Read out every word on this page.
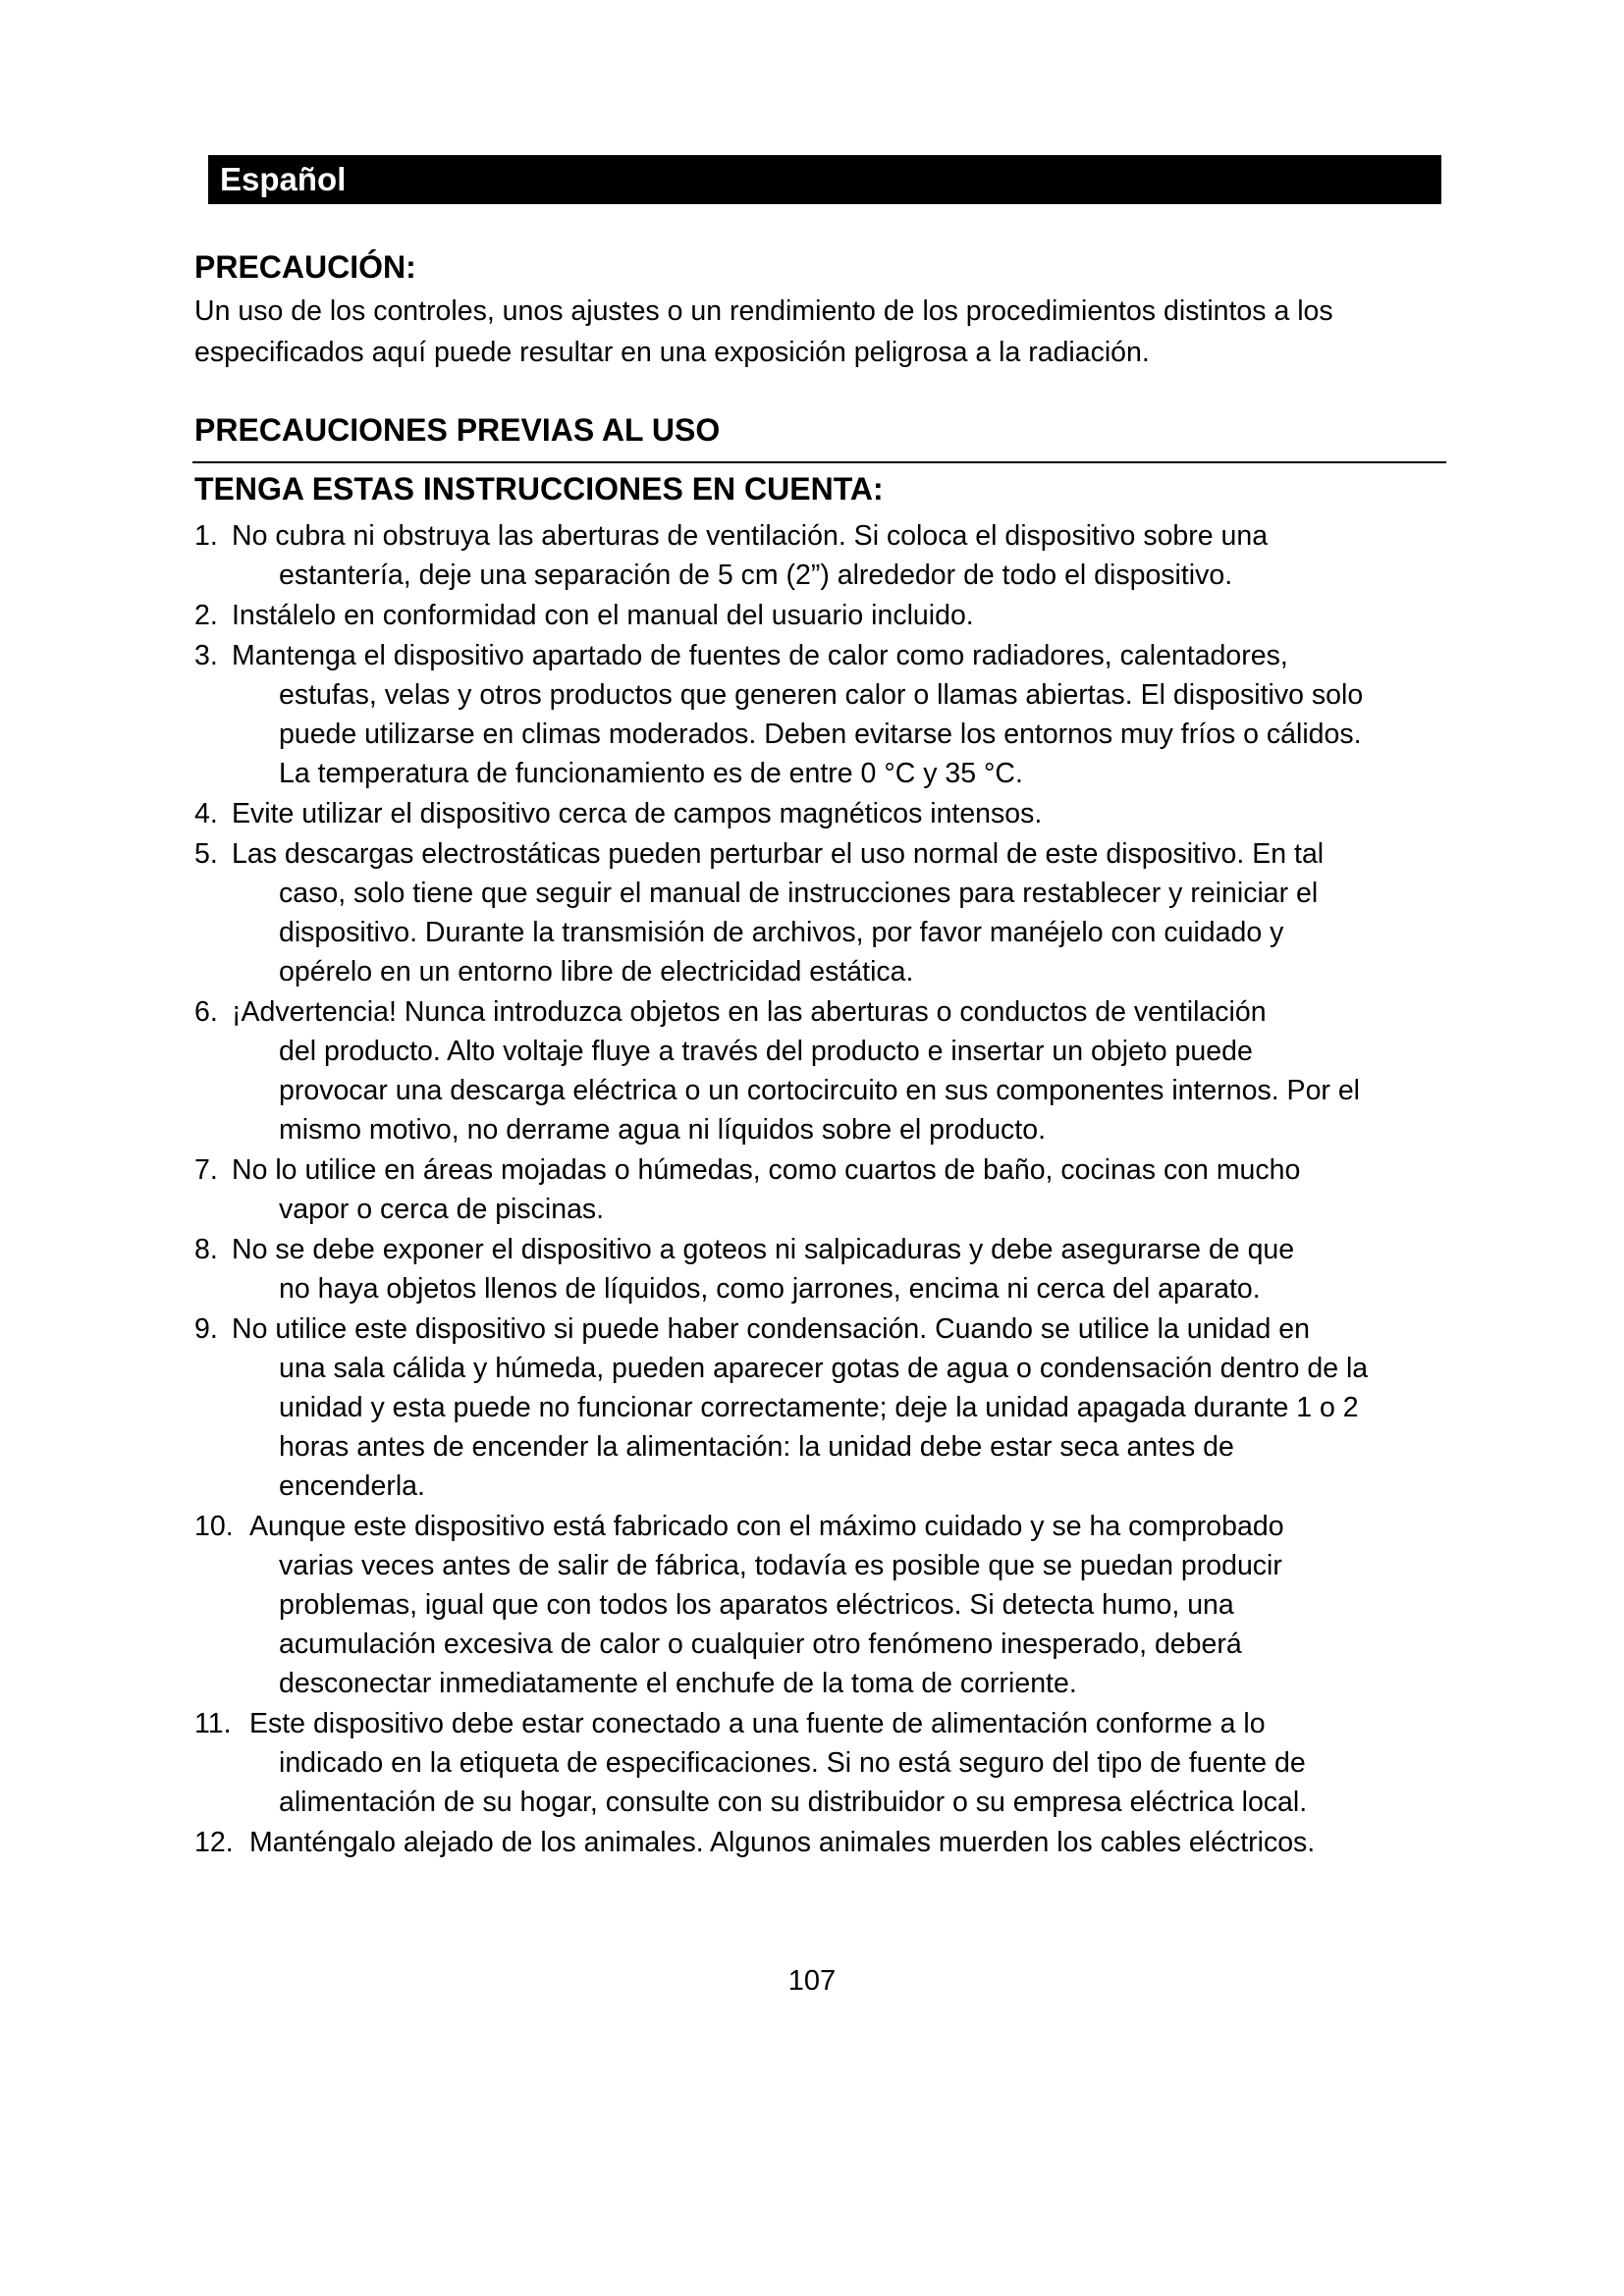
Español
PRECAUCIÓN:
Un uso de los controles, unos ajustes o un rendimiento de los procedimientos distintos a los
especificados aquí puede resultar en una exposición peligrosa a la radiación.
PRECAUCIONES PREVIAS AL USO
TENGA ESTAS INSTRUCCIONES EN CUENTA:
1. No cubra ni obstruya las aberturas de ventilación. Si coloca el dispositivo sobre una
estantería, deje una separación de 5 cm (2”) alrededor de todo el dispositivo.
2. Instálelo en conformidad con el manual del usuario incluido.
3. Mantenga el dispositivo apartado de fuentes de calor como radiadores, calentadores,
estufas, velas y otros productos que generen calor o llamas abiertas. El dispositivo solo
puede utilizarse en climas moderados. Deben evitarse los entornos muy fríos o cálidos.
La temperatura de funcionamiento es de entre 0 °C y 35 °C.
4. Evite utilizar el dispositivo cerca de campos magnéticos intensos.
5. Las descargas electrostáticas pueden perturbar el uso normal de este dispositivo. En tal
caso, solo tiene que seguir el manual de instrucciones para restablecer y reiniciar el
dispositivo. Durante la transmisión de archivos, por favor manéjelo con cuidado y
opérelo en un entorno libre de electricidad estática.
6. ¡Advertencia! Nunca introduzca objetos en las aberturas o conductos de ventilación
del producto. Alto voltaje fluye a través del producto e insertar un objeto puede
provocar una descarga eléctrica o un cortocircuito en sus componentes internos. Por el
mismo motivo, no derrame agua ni líquidos sobre el producto.
7. No lo utilice en áreas mojadas o húmedas, como cuartos de baño, cocinas con mucho
vapor o cerca de piscinas.
8. No se debe exponer el dispositivo a goteos ni salpicaduras y debe asegurarse de que
no haya objetos llenos de líquidos, como jarrones, encima ni cerca del aparato.
9. No utilice este dispositivo si puede haber condensación. Cuando se utilice la unidad en
una sala cálida y húmeda, pueden aparecer gotas de agua o condensación dentro de la
unidad y esta puede no funcionar correctamente; deje la unidad apagada durante 1 o 2
horas antes de encender la alimentación: la unidad debe estar seca antes de
encenderla.
10. Aunque este dispositivo está fabricado con el máximo cuidado y se ha comprobado
varias veces antes de salir de fábrica, todavía es posible que se puedan producir
problemas, igual que con todos los aparatos eléctricos. Si detecta humo, una
acumulación excesiva de calor o cualquier otro fenómeno inesperado, deberá
desconectar inmediatamente el enchufe de la toma de corriente.
11. Este dispositivo debe estar conectado a una fuente de alimentación conforme a lo
indicado en la etiqueta de especificaciones. Si no está seguro del tipo de fuente de
alimentación de su hogar, consulte con su distribuidor o su empresa eléctrica local.
12. Manténgalo alejado de los animales. Algunos animales muerden los cables eléctricos.
107
